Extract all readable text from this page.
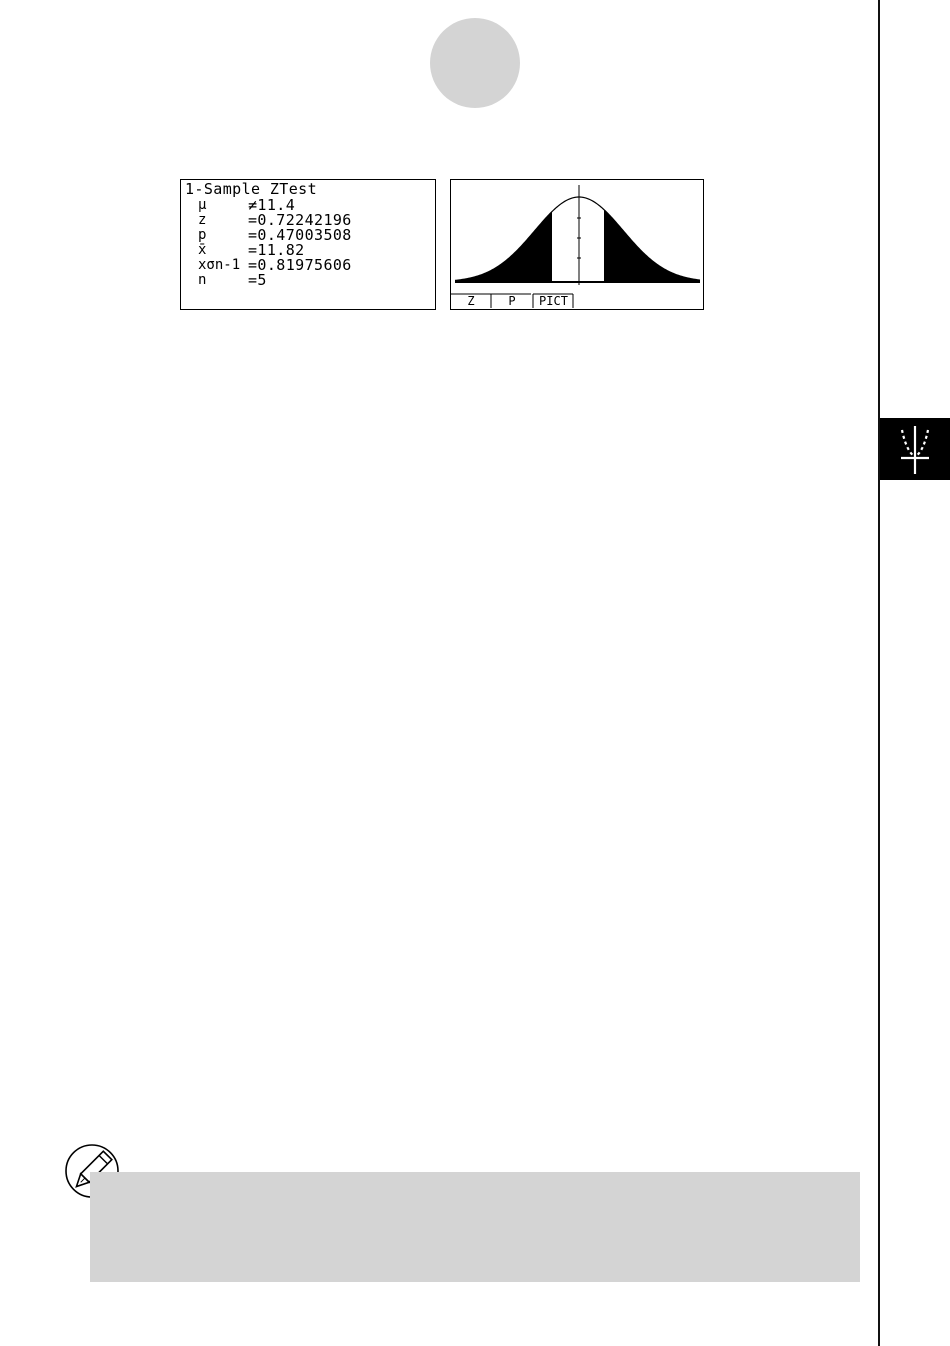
1-Sample ZTest
μ	≠11.4
z	=0.72242196
p	=0.47003508
x̄	=11.82
xσn-1 =0.81975606
n	=5
Z	P	PICT
